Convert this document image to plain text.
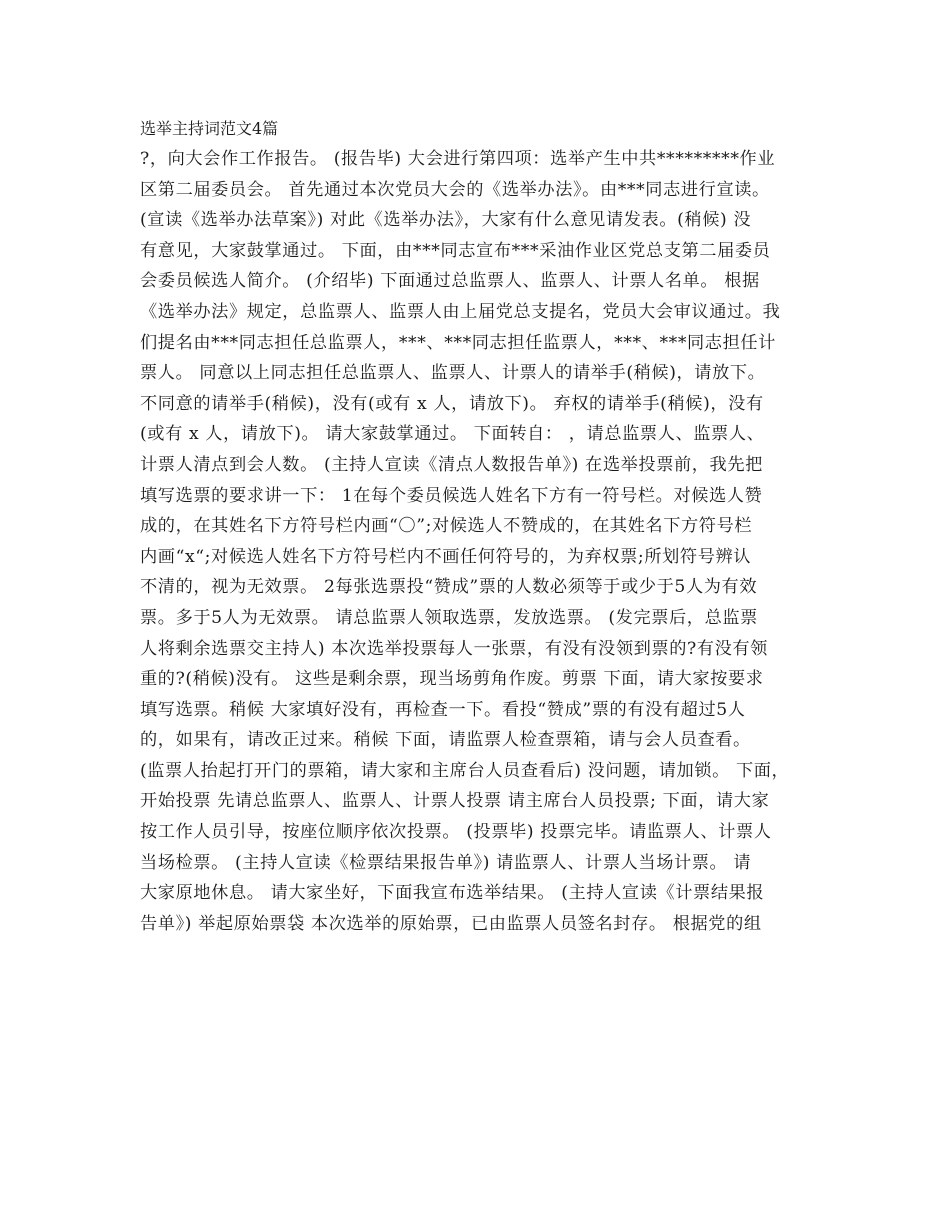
选举主持词范文4篇
?，向大会作工作报告。 (报告毕) 大会进行第四项：选举产生中共*********作业
区第二届委员会。 首先通过本次党员大会的《选举办法》。由***同志进行宣读。
(宣读《选举办法草案》) 对此《选举办法》，大家有什么意见请发表。(稍候) 没
有意见，大家鼓掌通过。 下面，由***同志宣布***采油作业区党总支第二届委员
会委员候选人简介。 (介绍毕) 下面通过总监票人、监票人、计票人名单。 根据
《选举办法》规定，总监票人、监票人由上届党总支提名，党员大会审议通过。我
们提名由***同志担任总监票人，***、***同志担任监票人，***、***同志担任计
票人。 同意以上同志担任总监票人、监票人、计票人的请举手(稍候)，请放下。
不同意的请举手(稍候)，没有(或有 x 人，请放下)。 弃权的请举手(稍候)，没有
(或有 x 人，请放下)。 请大家鼓掌通过。 下面转自： ，请总监票人、监票人、
计票人清点到会人数。 (主持人宣读《清点人数报告单》) 在选举投票前，我先把
填写选票的要求讲一下： 1在每个委员候选人姓名下方有一符号栏。对候选人赞
成的，在其姓名下方符号栏内画“〇”;对候选人不赞成的，在其姓名下方符号栏
内画“x“;对候选人姓名下方符号栏内不画任何符号的，为弃权票;所划符号辨认
不清的，视为无效票。 2每张选票投“赞成”票的人数必须等于或少于5人为有效
票。多于5人为无效票。 请总监票人领取选票，发放选票。 (发完票后，总监票
人将剩余选票交主持人) 本次选举投票每人一张票，有没有没领到票的?有没有领
重的?(稍候)没有。 这些是剩余票，现当场剪角作废。剪票 下面，请大家按要求
填写选票。稍候 大家填好没有，再检查一下。看投“赞成”票的有没有超过5人
的，如果有，请改正过来。稍候 下面，请监票人检查票箱，请与会人员查看。
(监票人抬起打开门的票箱，请大家和主席台人员查看后) 没问题，请加锁。 下面，
开始投票 先请总监票人、监票人、计票人投票 请主席台人员投票; 下面，请大家
按工作人员引导，按座位顺序依次投票。 (投票毕) 投票完毕。请监票人、计票人
当场检票。 (主持人宣读《检票结果报告单》) 请监票人、计票人当场计票。 请
大家原地休息。 请大家坐好，下面我宣布选举结果。 (主持人宣读《计票结果报
告单》) 举起原始票袋 本次选举的原始票，已由监票人员签名封存。 根据党的组
